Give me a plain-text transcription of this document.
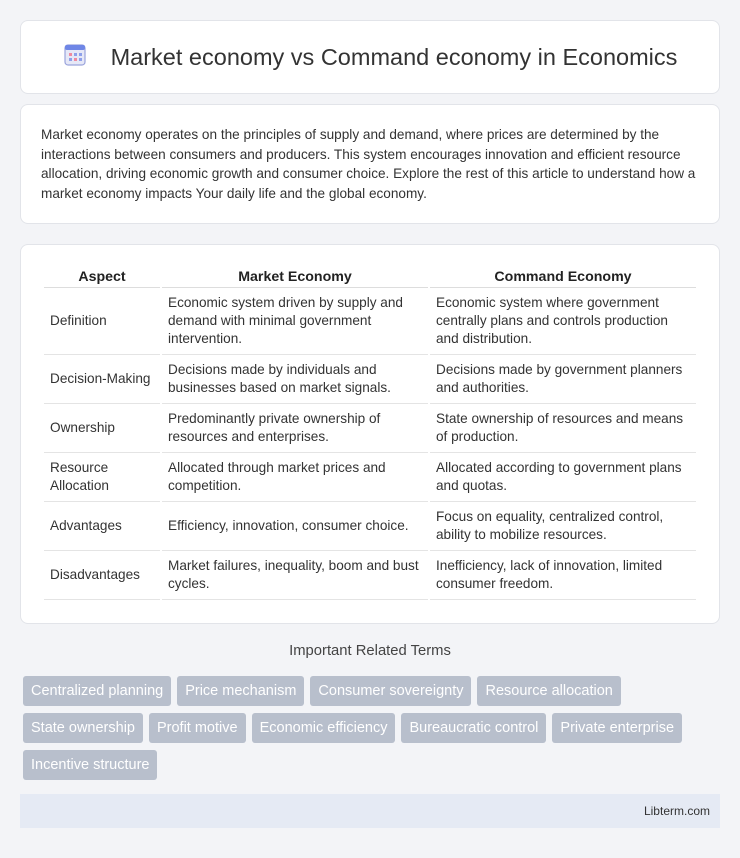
Market economy vs Command economy in Economics

Market economy operates on the principles of supply and demand, where prices are determined by the interactions between consumers and producers. This system encourages innovation and efficient resource allocation, driving economic growth and consumer choice. Explore the rest of this article to understand how a market economy impacts Your daily life and the global economy.

Aspect	Market Economy	Command Economy
Definition	Economic system driven by supply and demand with minimal government intervention.	Economic system where government centrally plans and controls production and distribution.
Decision-Making	Decisions made by individuals and businesses based on market signals.	Decisions made by government planners and authorities.
Ownership	Predominantly private ownership of resources and enterprises.	State ownership of resources and means of production.
Resource Allocation	Allocated through market prices and competition.	Allocated according to government plans and quotas.
Advantages	Efficiency, innovation, consumer choice.	Focus on equality, centralized control, ability to mobilize resources.
Disadvantages	Market failures, inequality, boom and bust cycles.	Inefficiency, lack of innovation, limited consumer freedom.
Important Related Terms
Centralized planning	Price mechanism	Consumer sovereignty	Resource allocation
State ownership	Profit motive	Economic efficiency	Bureaucratic control	Private enterprise
Incentive structure
Libterm.com
